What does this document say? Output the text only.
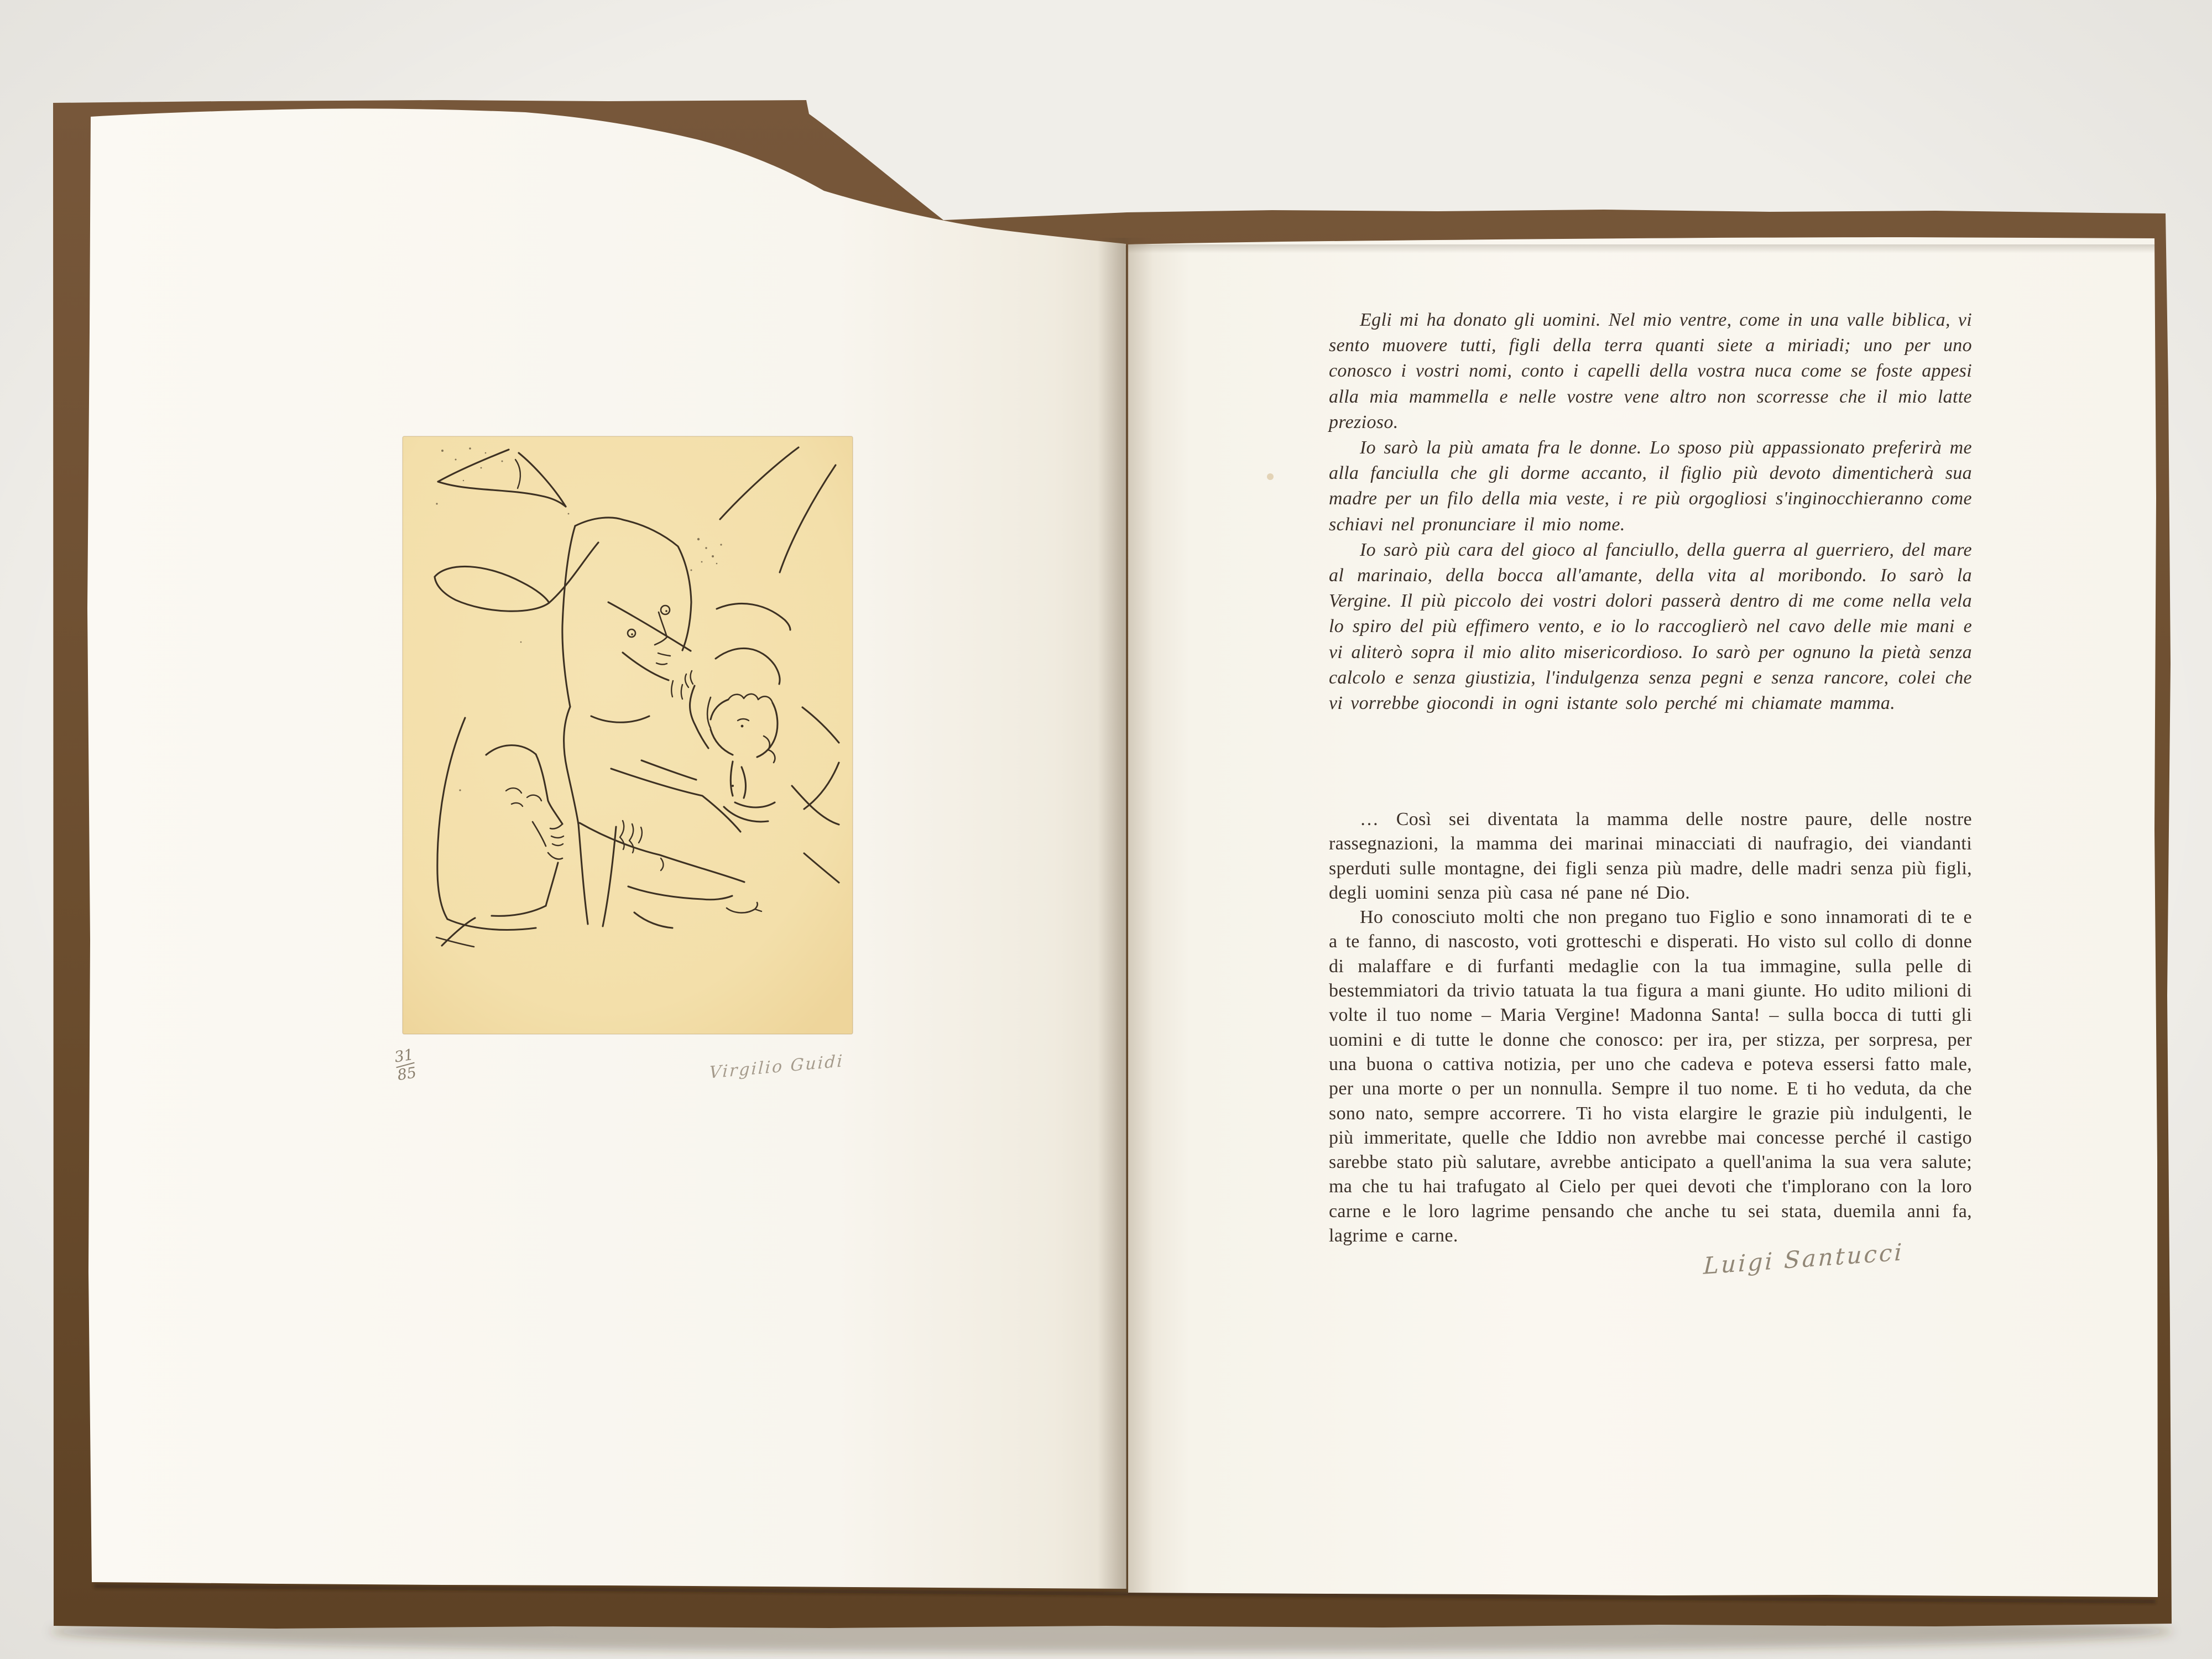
Egli mi ha donato gli uomini. Nel mio ventre, come in una valle biblica, vi sento muovere tutti, figli della terra quanti siete a miriadi; uno per uno conosco i vostri nomi, conto i capelli della vostra nuca come se foste appesi alla mia mammella e nelle vostre vene altro non scorresse che il mio latte prezioso.

Io sarò la più amata fra le donne. Lo sposo più appassionato preferirà me alla fanciulla che gli dorme accanto, il figlio più devoto dimenticherà sua madre per un filo della mia veste, i re più orgogliosi s'inginocchieranno come schiavi nel pronunciare il mio nome.

Io sarò più cara del gioco al fanciullo, della guerra al guerriero, del mare al marinaio, della bocca all'amante, della vita al moribondo. Io sarò la Vergine. Il più piccolo dei vostri dolori passerà dentro di me come nella vela lo spiro del più effimero vento, e io lo raccoglierò nel cavo delle mie mani e vi aliterò sopra il mio alito misericordioso. Io sarò per ognuno la pietà senza calcolo e senza giustizia, l'indulgenza senza pegni e senza rancore, colei che vi vorrebbe giocondi in ogni istante solo perché mi chiamate mamma.

… Così sei diventata la mamma delle nostre paure, delle nostre rassegnazioni, la mamma dei marinai minacciati di naufragio, dei viandanti sperduti sulle montagne, dei figli senza più madre, delle madri senza più figli, degli uomini senza più casa né pane né Dio.

Ho conosciuto molti che non pregano tuo Figlio e sono innamorati di te e a te fanno, di nascosto, voti grotteschi e disperati. Ho visto sul collo di donne di malaffare e di furfanti medaglie con la tua immagine, sulla pelle di bestemmiatori da trivio tatuata la tua figura a mani giunte. Ho udito milioni di volte il tuo nome – Maria Vergine! Madonna Santa! – sulla bocca di tutti gli uomini e di tutte le donne che conosco: per ira, per stizza, per sorpresa, per una buona o cattiva notizia, per uno che cadeva e poteva essersi fatto male, per una morte o per un nonnulla. Sempre il tuo nome. E ti ho veduta, da che sono nato, sempre accorrere. Ti ho vista elargire le grazie più indulgenti, le più immeritate, quelle che Iddio non avrebbe mai concesse perché il castigo sarebbe stato più salutare, avrebbe anticipato a quell'anima la sua vera salute; ma che tu hai trafugato al Cielo per quei devoti che t'implorano con la loro carne e le loro lagrime pensando che anche tu sei stata, duemila anni fa, lagrime e carne.

Luigi Santucci
31
85	Virgilio Guidi
